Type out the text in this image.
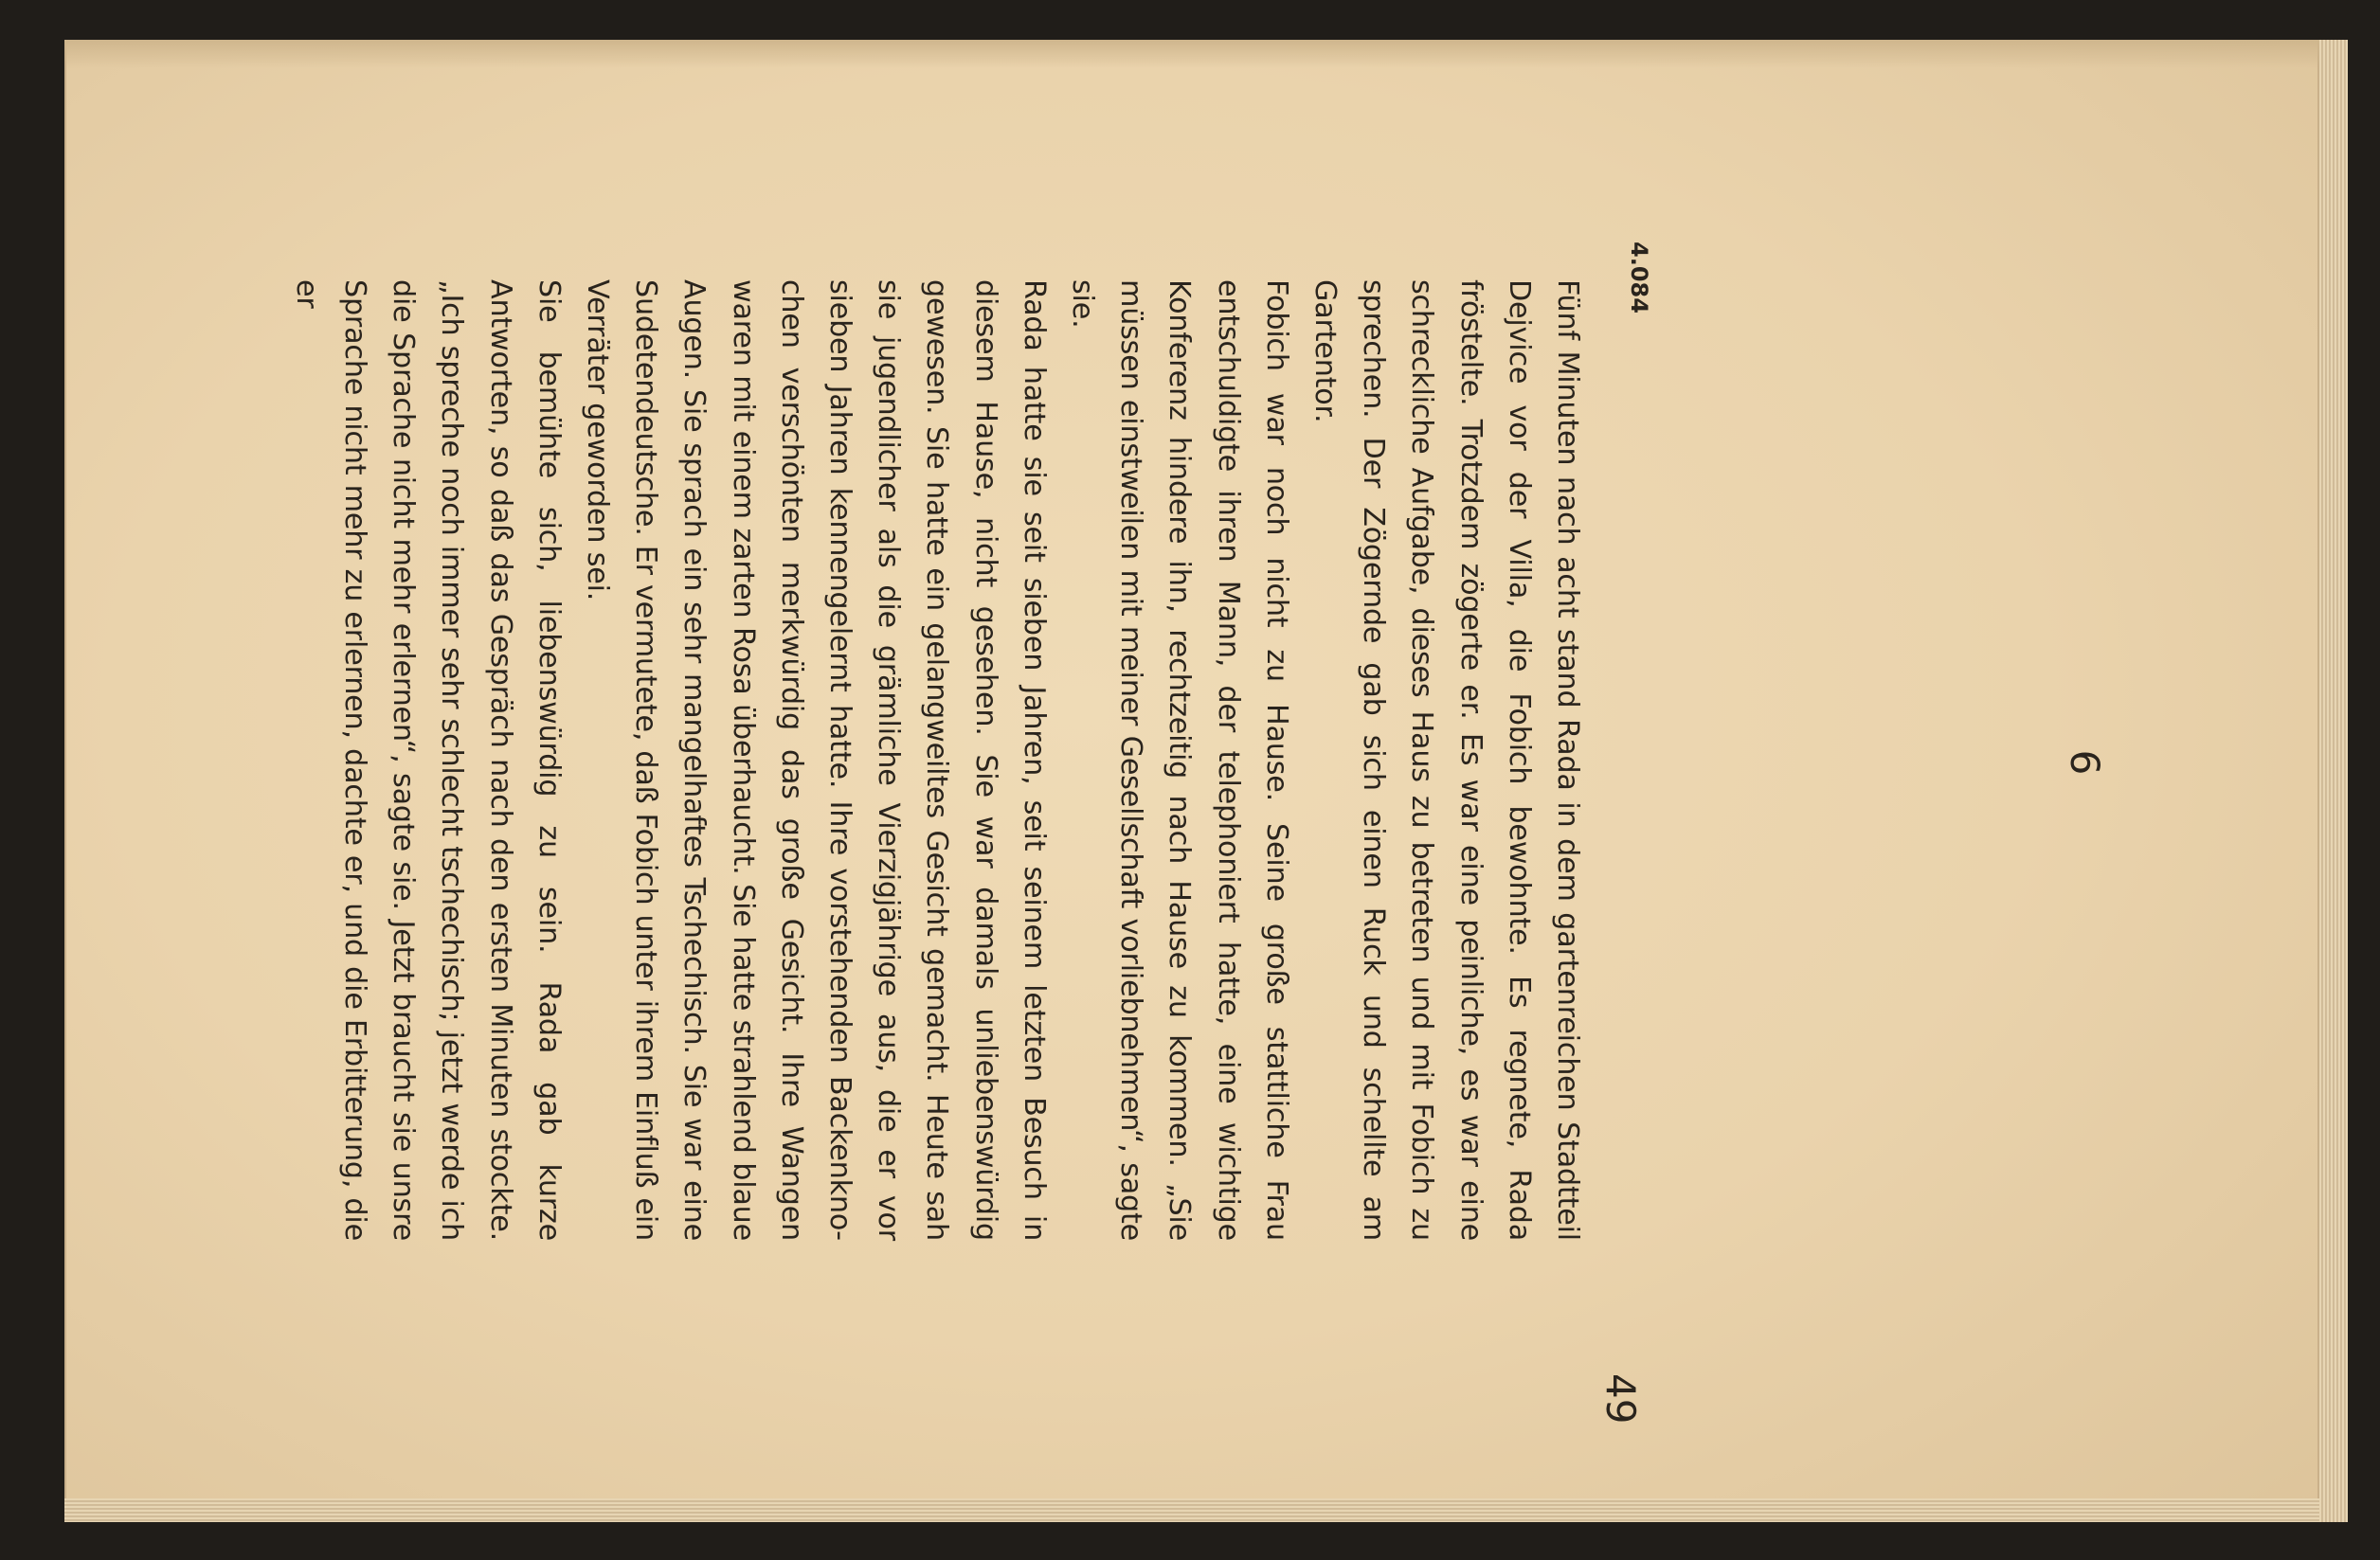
6
49
4.084

Fünf Minuten nach acht stand Rada in dem gartenreichen Stadtteil Dejvice vor der Villa, die Fobich bewohnte. Es regnete, Rada fröstelte. Trotzdem zögerte er. Es war eine peinliche, es war eine schreckliche Aufgabe, dieses Haus zu betreten und mit Fobich zu sprechen. Der Zögernde gab sich einen Ruck und schellte am Gartentor.

Fobich war noch nicht zu Hause. Seine große stattliche Frau entschuldigte ihren Mann, der telephoniert hatte, eine wichtige Konferenz hindere ihn, rechtzeitig nach Hause zu kommen. „Sie müssen einstweilen mit meiner Gesellschaft vorliebnehmen“, sagte sie.

Rada hatte sie seit sieben Jahren, seit seinem letzten Besuch in diesem Hause, nicht gesehen. Sie war damals unliebenswürdig gewesen. Sie hatte ein gelangweiltes Gesicht gemacht. Heute sah sie jugendlicher als die grämliche Vierzigjährige aus, die er vor sieben Jahren kennengelernt hatte. Ihre vorstehenden Backenknochen verschönten merkwürdig das große Gesicht. Ihre Wangen waren mit einem zarten Rosa überhaucht. Sie hatte strahlend blaue Augen. Sie sprach ein sehr mangelhaftes Tschechisch. Sie war eine Sudetendeutsche. Er vermutete, daß Fobich unter ihrem Einfluß ein Verräter geworden sei.

Sie bemühte sich, liebenswürdig zu sein. Rada gab kurze Antworten, so daß das Gespräch nach den ersten Minuten stockte. „Ich spreche noch immer sehr schlecht tschechisch; jetzt werde ich die Sprache nicht mehr erlernen“, sagte sie. Jetzt braucht sie unsre Sprache nicht mehr zu erlernen, dachte er, und die Erbitterung, die er
